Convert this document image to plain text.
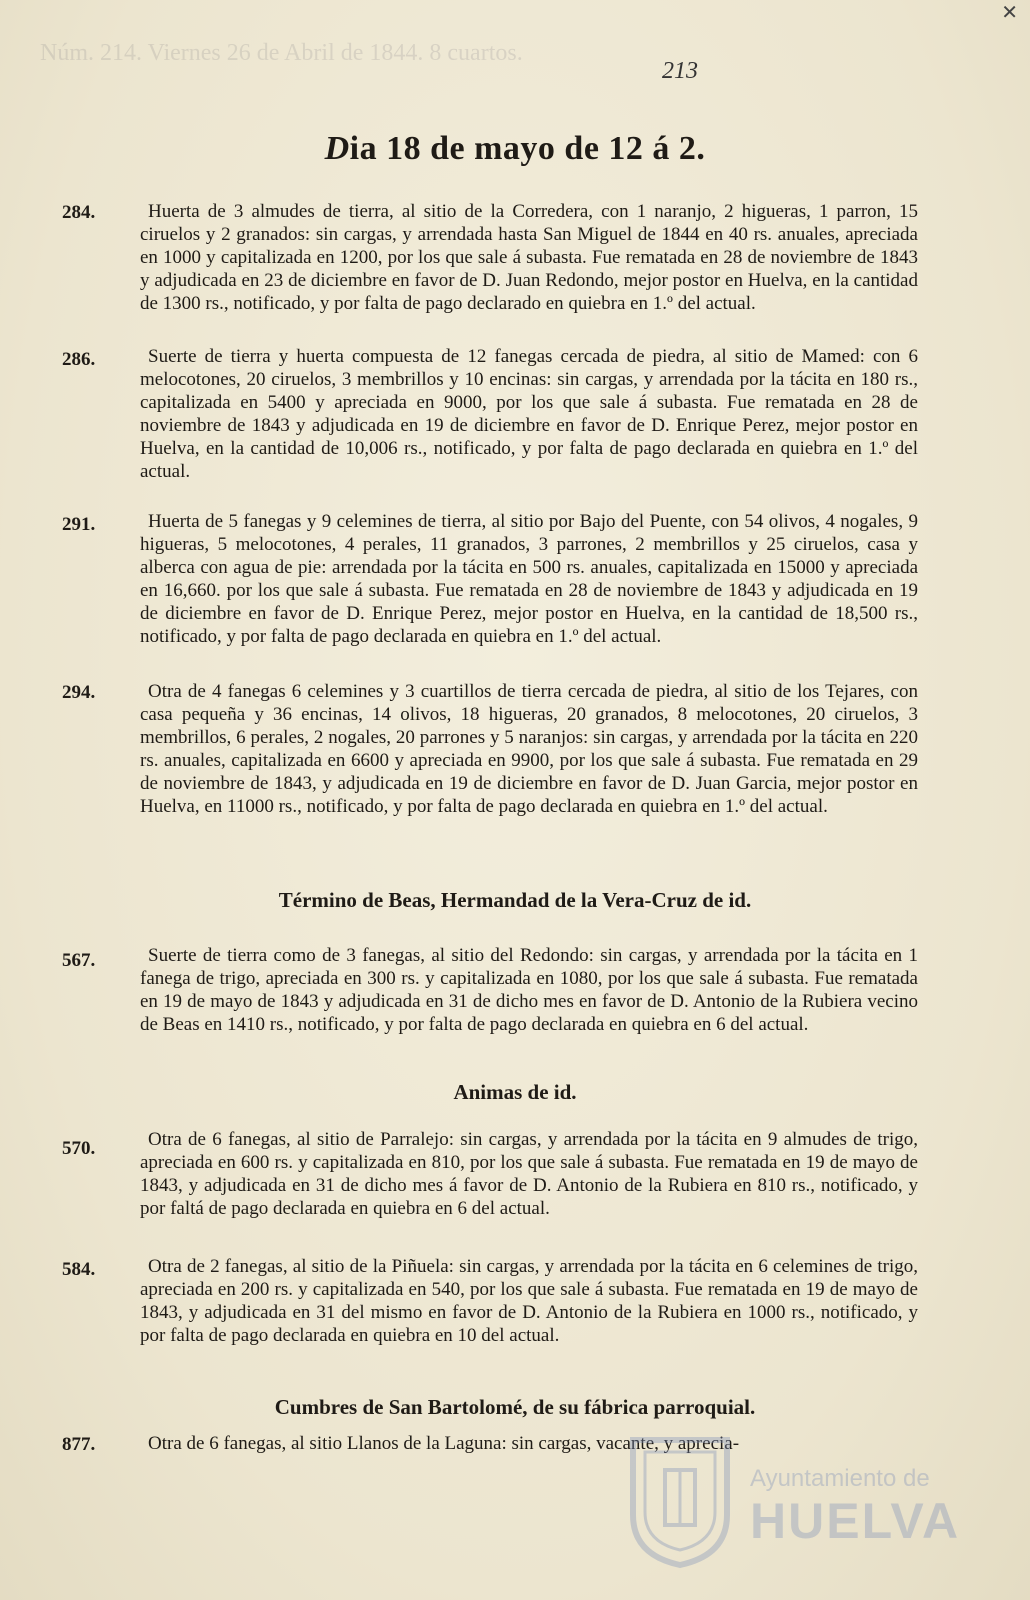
Núm. 214. Viernes 26 de Abril de 1844. 8 cuartos.
✕
213
Dia 18 de mayo de 12 á 2.
284.	Huerta de 3 almudes de tierra, al sitio de la Corredera, con 1 naranjo, 2 higueras, 1 parron, 15 ciruelos y 2 granados: sin cargas, y arrendada hasta San Miguel de 1844 en 40 rs. anuales, apreciada en 1000 y capitalizada en 1200, por los que sale á subasta. Fue rematada en 28 de noviembre de 1843 y adjudicada en 23 de diciembre en favor de D. Juan Redondo, mejor postor en Huelva, en la cantidad de 1300 rs., notificado, y por falta de pago declarado en quiebra en 1.º del actual.
286.	Suerte de tierra y huerta compuesta de 12 fanegas cercada de piedra, al sitio de Mamed: con 6 melocotones, 20 ciruelos, 3 membrillos y 10 encinas: sin cargas, y arrendada por la tácita en 180 rs., capitalizada en 5400 y apreciada en 9000, por los que sale á subasta. Fue rematada en 28 de noviembre de 1843 y adjudicada en 19 de diciembre en favor de D. Enrique Perez, mejor postor en Huelva, en la cantidad de 10,006 rs., notificado, y por falta de pago declarada en quiebra en 1.º del actual.
291.	Huerta de 5 fanegas y 9 celemines de tierra, al sitio por Bajo del Puente, con 54 olivos, 4 nogales, 9 higueras, 5 melocotones, 4 perales, 11 granados, 3 parrones, 2 membrillos y 25 ciruelos, casa y alberca con agua de pie: arrendada por la tácita en 500 rs. anuales, capitalizada en 15000 y apreciada en 16,660. por los que sale á subasta. Fue rematada en 28 de noviembre de 1843 y adjudicada en 19 de diciembre en favor de D. Enrique Perez, mejor postor en Huelva, en la cantidad de 18,500 rs., notificado, y por falta de pago declarada en quiebra en 1.º del actual.
294.	Otra de 4 fanegas 6 celemines y 3 cuartillos de tierra cercada de piedra, al sitio de los Tejares, con casa pequeña y 36 encinas, 14 olivos, 18 higueras, 20 granados, 8 melocotones, 20 ciruelos, 3 membrillos, 6 perales, 2 nogales, 20 parrones y 5 naranjos: sin cargas, y arrendada por la tácita en 220 rs. anuales, capitalizada en 6600 y apreciada en 9900, por los que sale á subasta. Fue rematada en 29 de noviembre de 1843, y adjudicada en 19 de diciembre en favor de D. Juan Garcia, mejor postor en Huelva, en 11000 rs., notificado, y por falta de pago declarada en quiebra en 1.º del actual.
Término de Beas, Hermandad de la Vera-Cruz de id.
567.	Suerte de tierra como de 3 fanegas, al sitio del Redondo: sin cargas, y arrendada por la tácita en 1 fanega de trigo, apreciada en 300 rs. y capitalizada en 1080, por los que sale á subasta. Fue rematada en 19 de mayo de 1843 y adjudicada en 31 de dicho mes en favor de D. Antonio de la Rubiera vecino de Beas en 1410 rs., notificado, y por falta de pago declarada en quiebra en 6 del actual.
Animas de id.
570.	Otra de 6 fanegas, al sitio de Parralejo: sin cargas, y arrendada por la tácita en 9 almudes de trigo, apreciada en 600 rs. y capitalizada en 810, por los que sale á subasta. Fue rematada en 19 de mayo de 1843, y adjudicada en 31 de dicho mes á favor de D. Antonio de la Rubiera en 810 rs., notificado, y por faltá de pago declarada en quiebra en 6 del actual.
584.	Otra de 2 fanegas, al sitio de la Piñuela: sin cargas, y arrendada por la tácita en 6 celemines de trigo, apreciada en 200 rs. y capitalizada en 540, por los que sale á subasta. Fue rematada en 19 de mayo de 1843, y adjudicada en 31 del mismo en favor de D. Antonio de la Rubiera en 1000 rs., notificado, y por falta de pago declarada en quiebra en 10 del actual.
Cumbres de San Bartolomé, de su fábrica parroquial.
877.	Otra de 6 fanegas, al sitio Llanos de la Laguna: sin cargas, vacante, y aprecia-
Ayuntamiento de
HUELVA
